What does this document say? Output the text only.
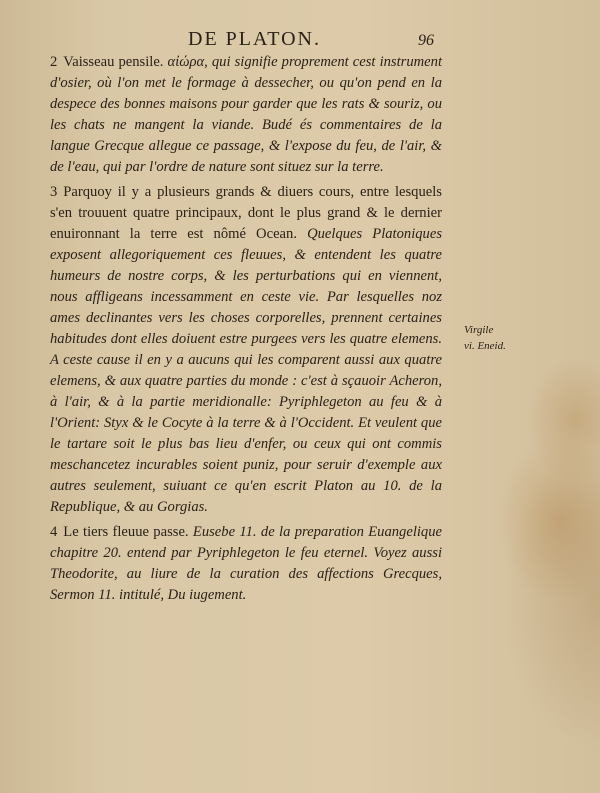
DE PLATON.	96

2 Vaisseau pensile. αἰώρα, qui signifie proprement cest instrument d'osier, où l'on met le formage à dessecher, ou qu'on pend en la despece des bonnes maisons pour garder que les rats & souriz, ou les chats ne mangent la viande. Budé és commentaires de la langue Grecque allegue ce passage, & l'expose du feu, de l'air, & de l'eau, qui par l'ordre de nature sont situez sur la terre.

3 Parquoy il y a plusieurs grands & diuers cours, entre lesquels s'en trouuent quatre principaux, dont le plus grand & le dernier enuironnant la terre est nômé Ocean. Quelques Platoniques exposent allegoriquement ces fleuues, & entendent les quatre humeurs de nostre corps, & les perturbations qui en viennent, nous affligeans incessamment en ceste vie. Par lesquelles noz ames declinantes vers les choses corporelles, prennent certaines habitudes dont elles doiuent estre purgees vers les quatre elemens. A ceste cause il en y a aucuns qui les comparent aussi aux quatre elemens, & aux quatre parties du monde : c'est à sçauoir Acheron, à l'air, & à la partie meridionalle: Pyriphlegeton au feu & à l'Orient: Styx & le Cocyte à la terre & à l'Occident. Et veulent que le tartare soit le plus bas lieu d'enfer, ou ceux qui ont commis meschancetez incurables soient puniz, pour seruir d'exemple aux autres seulement, suiuant ce qu'en escrit Platon au 10. de la Republique, & au Gorgias.

4 Le tiers fleuue passe. Eusebe 11. de la preparation Euangelique chapitre 20. entend par Pyriphlegeton le feu eternel. Voyez aussi Theodorite, au liure de la curation des affections Grecques, Sermon 11. intitulé, Du iugement.

Virgile
vi. Eneid.
